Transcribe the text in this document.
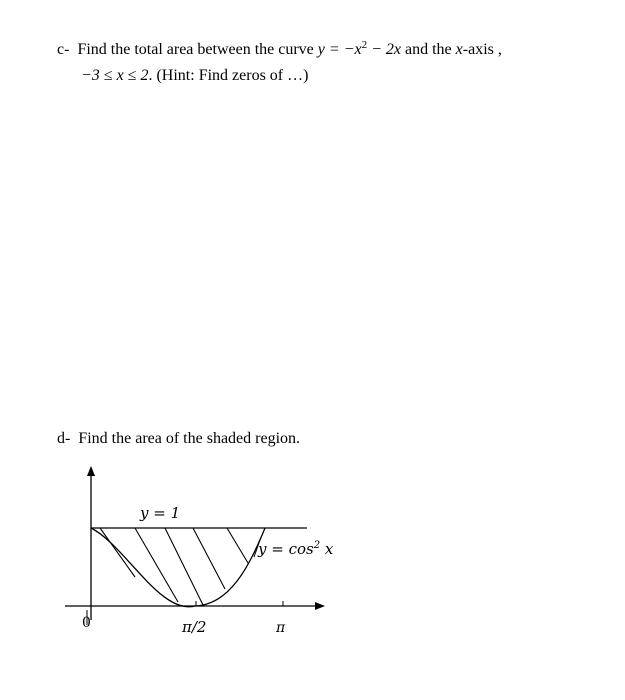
c- Find the total area between the curve $y = -x^2 - 2x$ and the x-axis ,
−3 ≤ x ≤ 2. (Hint: Find zeros of …)
d- Find the area of the shaded region.
0
y = 1
$y = \cos^2 x$
π/2	π
